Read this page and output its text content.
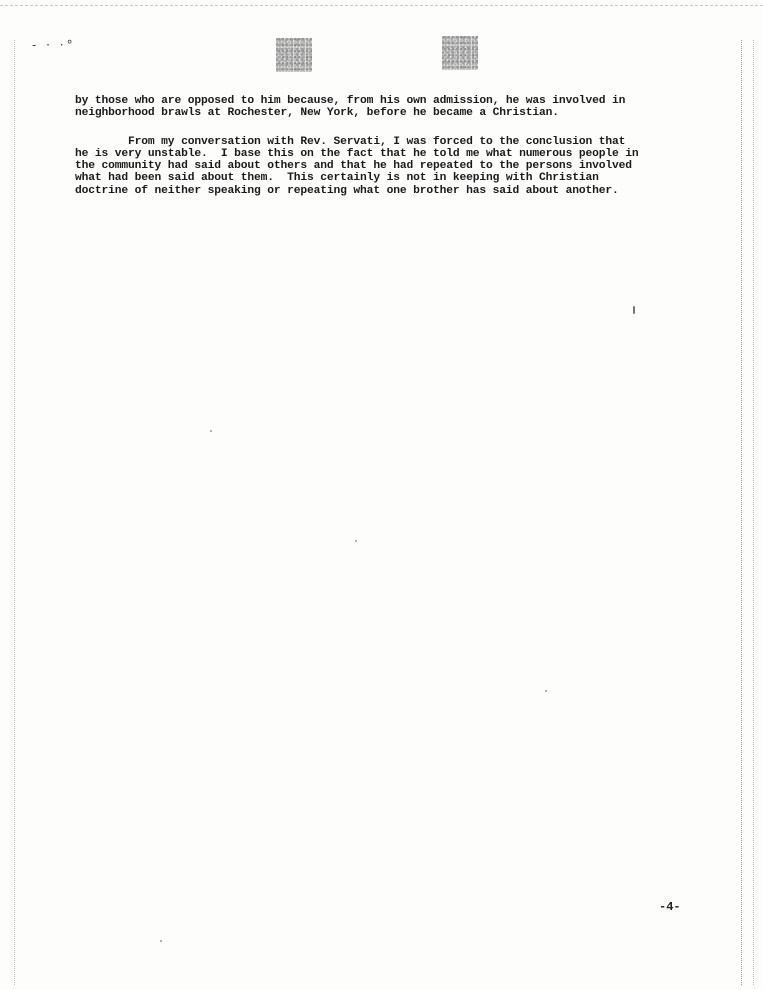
- · ·°

by those who are opposed to him because, from his own admission, he was involved in

neighborhood brawls at Rochester, New York, before he became a Christian.

From my conversation with Rev. Servati, I was forced to the conclusion that

he is very unstable.  I base this on the fact that he told me what numerous people in

the community had said about others and that he had repeated to the persons involved

what had been said about them.  This certainly is not in keeping with Christian

doctrine of neither speaking or repeating what one brother has said about another.

-4-
